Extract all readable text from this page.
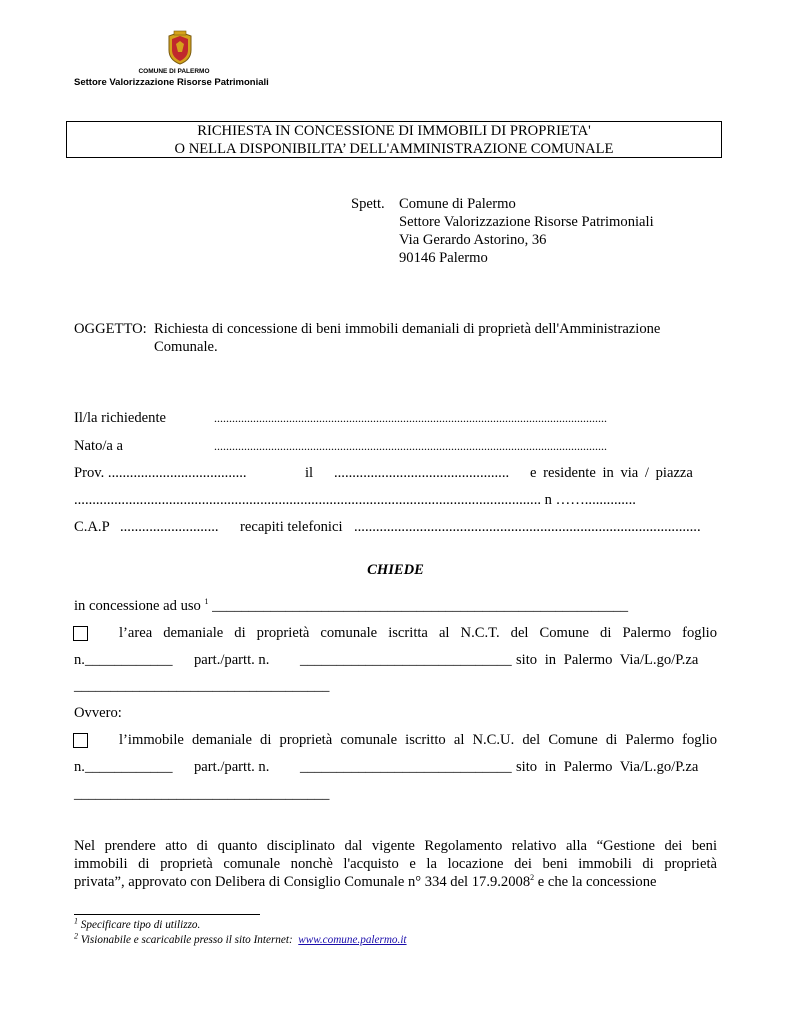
COMUNE DI PALERMO
Settore Valorizzazione Risorse Patrimoniali
RICHIESTA IN CONCESSIONE DI IMMOBILI DI PROPRIETA'
O NELLA DISPONIBILITA’ DELL'AMMINISTRAZIONE COMUNALE
Spett. Comune di Palermo
Settore Valorizzazione Risorse Patrimoniali
Via Gerardo Astorino, 36
90146 Palermo
OGGETTO: Richiesta di concessione di beni immobili demaniali di proprietà dell'Amministrazione
Comunale.
Il/la richiedente	...................................................................................................................................
Nato/a a	...................................................................................................................................
Prov. ......................................	il ................................................ e residente in via / piazza
................................................................................................................................ n ……..............
C.A.P ........................... recapiti telefonici ...............................................................................................
CHIEDE
in concessione ad uso $^1$ _________________________________________________________
l’area demaniale di proprietà comunale iscritta al N.C.T. del Comune di Palermo foglio
n.____________ part./partt. n. _____________________________ sito in Palermo Via/L.go/P.za
___________________________________
Ovvero:
l’immobile demaniale di proprietà comunale iscritto al N.C.U. del Comune di Palermo foglio
n.____________ part./partt. n. _____________________________ sito in Palermo Via/L.go/P.za
___________________________________
Nel prendere atto di quanto disciplinato dal vigente Regolamento relativo alla “Gestione dei beni
immobili di proprietà comunale nonchè l'acquisto e la locazione dei beni immobili di proprietà
privata”, approvato con Delibera di Consiglio Comunale n° 334 del 17.9.2008$^2$ e che la concessione
$^1$ Specificare tipo di utilizzo.
$^2$ Visionabile e scaricabile presso il sito Internet: www.comune.palermo.it
